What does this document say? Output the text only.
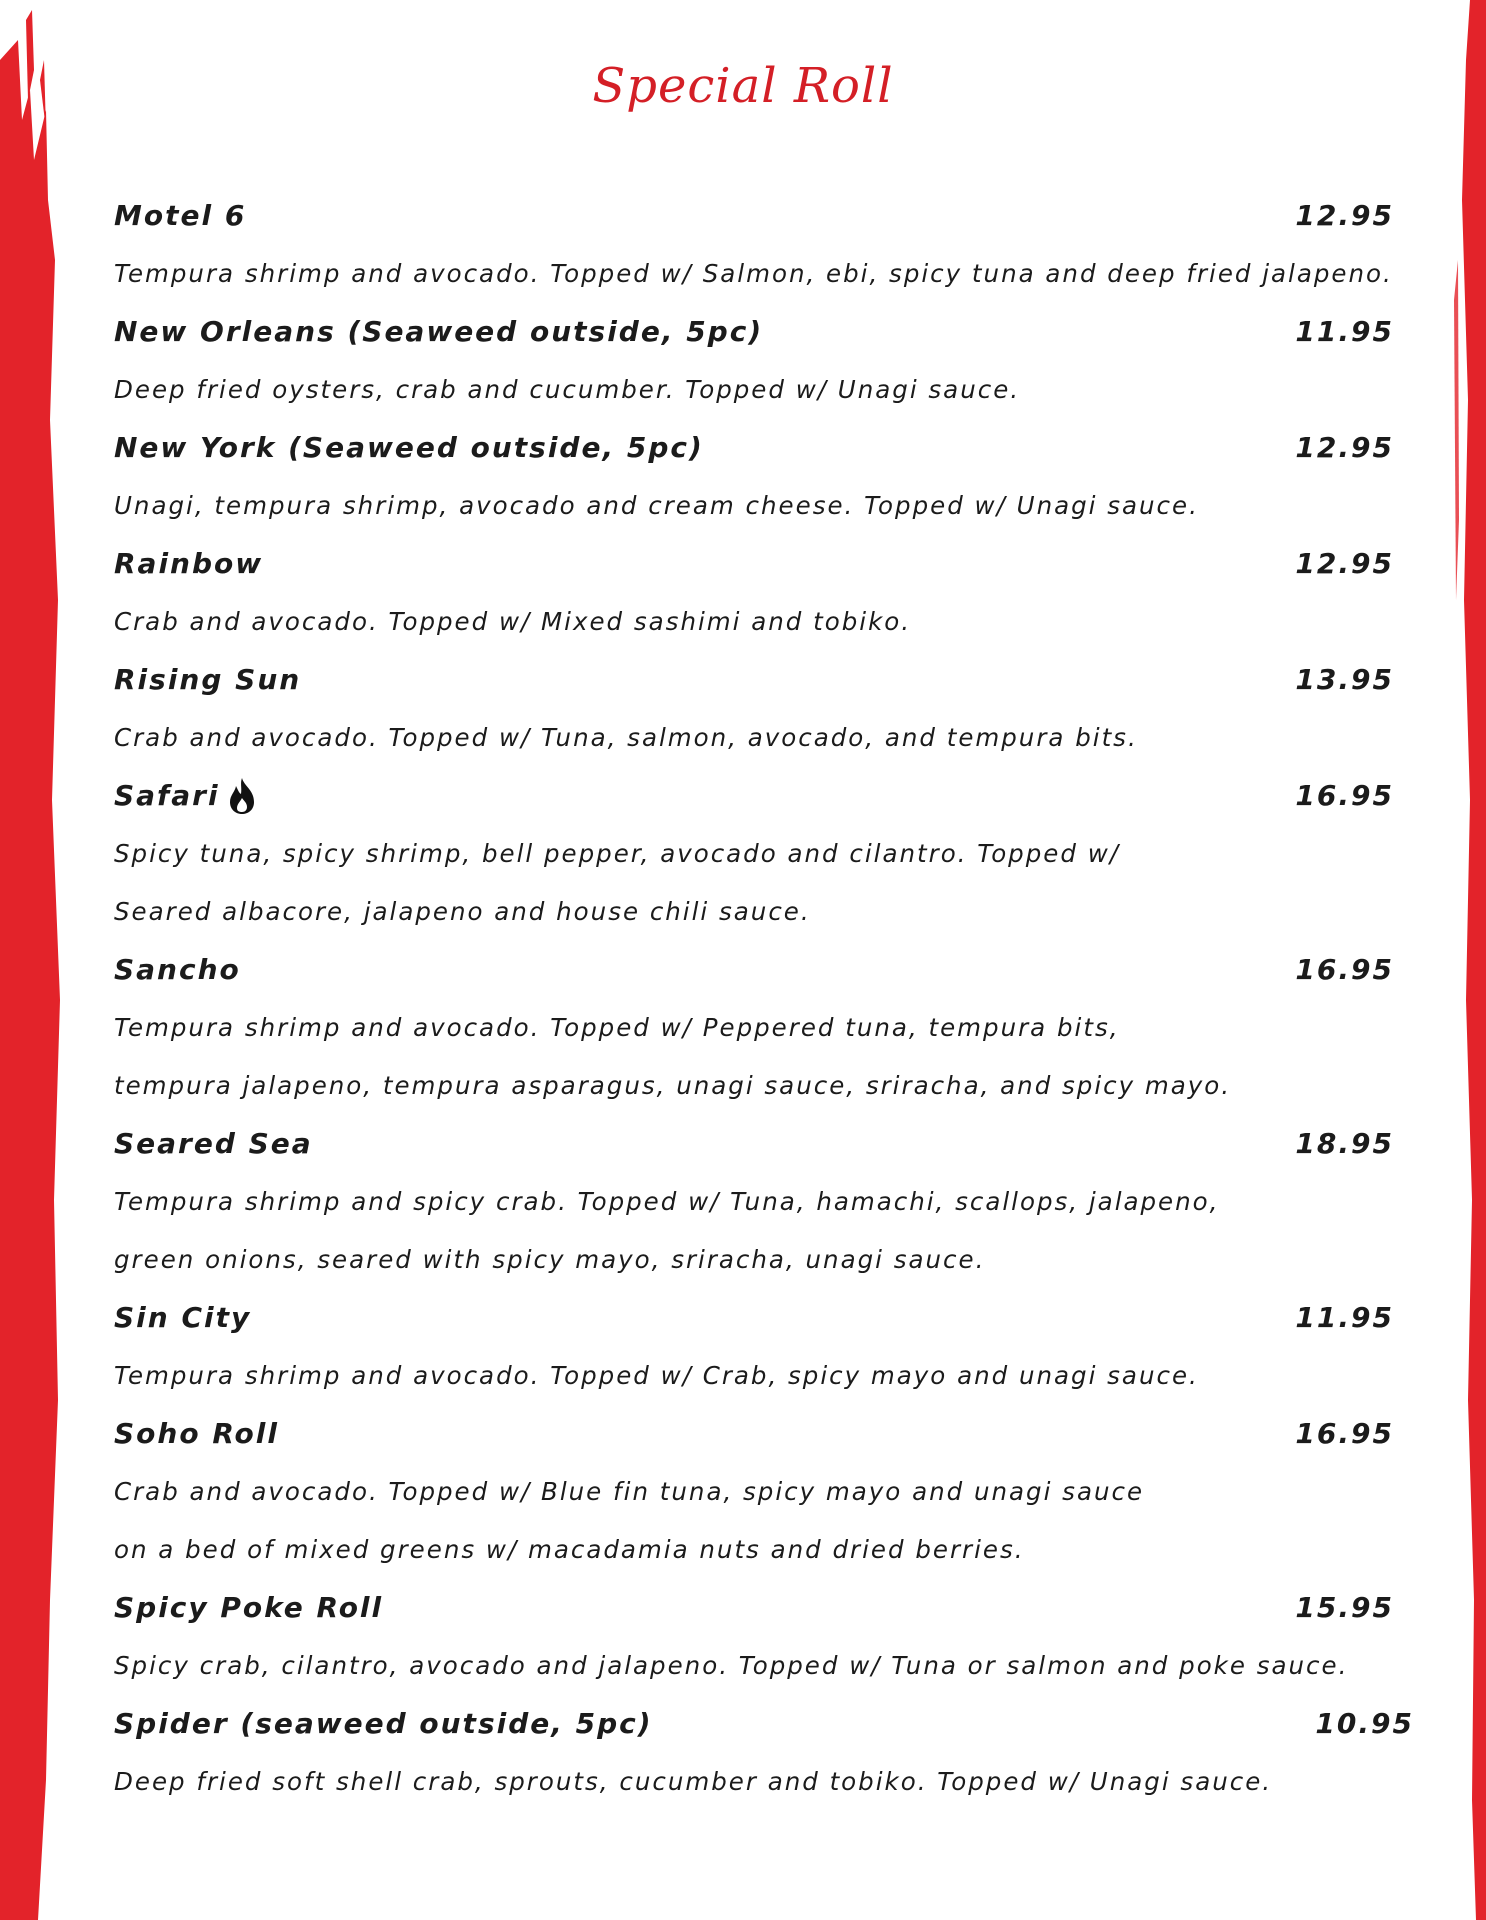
Special Roll
Motel 6	12.95
Tempura shrimp and avocado. Topped w/ Salmon, ebi, spicy tuna and deep fried jalapeno.
New Orleans (Seaweed outside, 5pc)	11.95
Deep fried oysters, crab and cucumber. Topped w/ Unagi sauce.
New York (Seaweed outside, 5pc)	12.95
Unagi, tempura shrimp, avocado and cream cheese. Topped w/ Unagi sauce.
Rainbow	12.95
Crab and avocado. Topped w/ Mixed sashimi and tobiko.
Rising Sun	13.95
Crab and avocado. Topped w/ Tuna, salmon, avocado, and tempura bits.
Safari	16.95
Spicy tuna, spicy shrimp, bell pepper, avocado and cilantro. Topped w/
Seared albacore, jalapeno and house chili sauce.
Sancho	16.95
Tempura shrimp and avocado. Topped w/ Peppered tuna, tempura bits,
tempura jalapeno, tempura asparagus, unagi sauce, sriracha, and spicy mayo.
Seared Sea	18.95
Tempura shrimp and spicy crab. Topped w/ Tuna, hamachi, scallops, jalapeno,
green onions, seared with spicy mayo, sriracha, unagi sauce.
Sin City	11.95
Tempura shrimp and avocado. Topped w/ Crab, spicy mayo and unagi sauce.
Soho Roll	16.95
Crab and avocado. Topped w/ Blue fin tuna, spicy mayo and unagi sauce
on a bed of mixed greens w/ macadamia nuts and dried berries.
Spicy Poke Roll	15.95
Spicy crab, cilantro, avocado and jalapeno. Topped w/ Tuna or salmon and poke sauce.
Spider (seaweed outside, 5pc)	10.95
Deep fried soft shell crab, sprouts, cucumber and tobiko. Topped w/ Unagi sauce.
